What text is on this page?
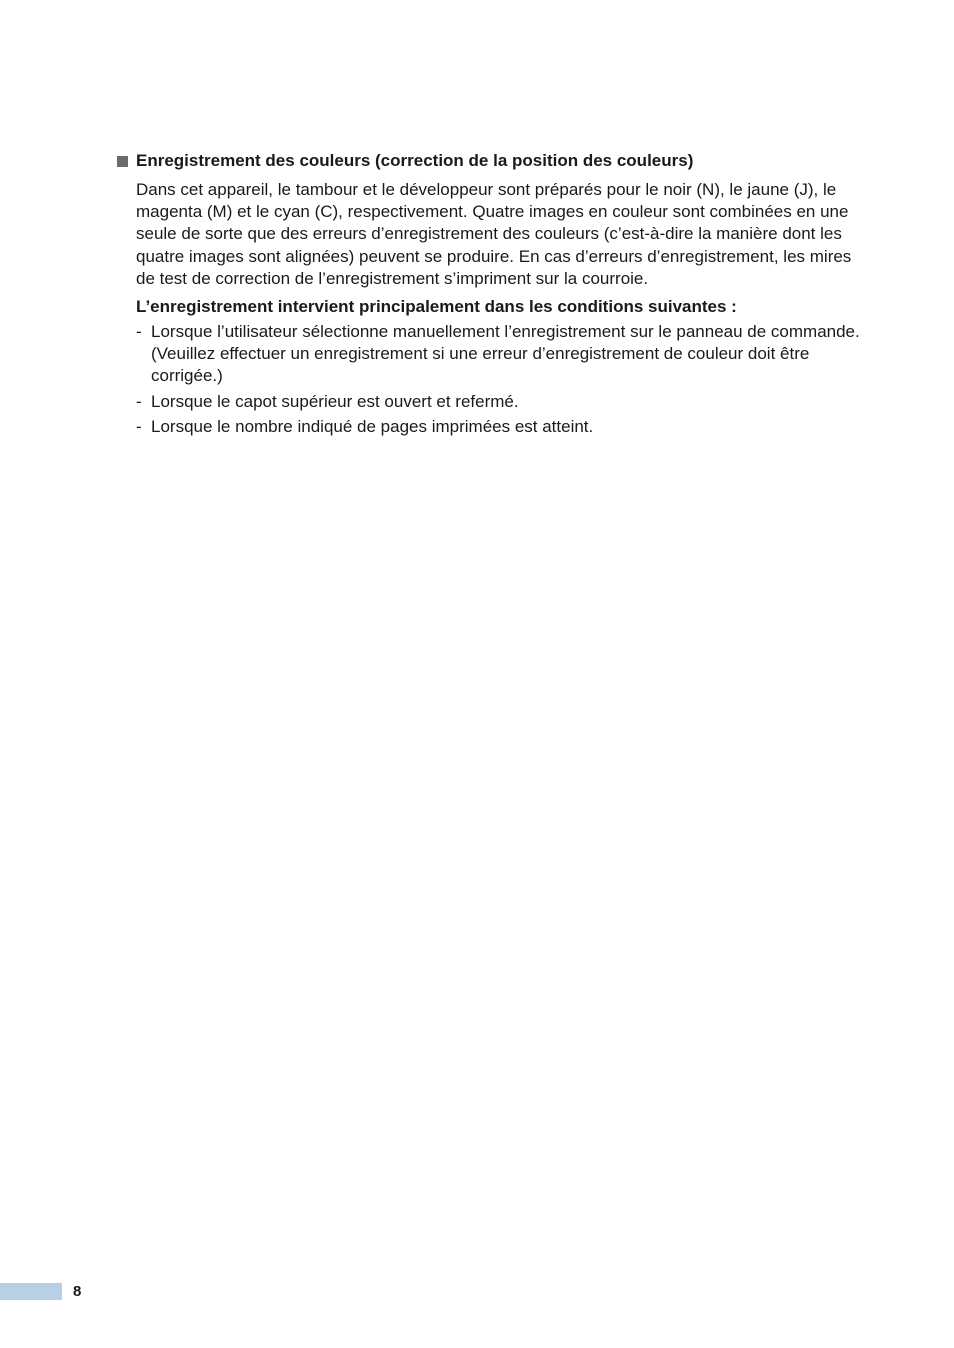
Enregistrement des couleurs (correction de la position des couleurs)

Dans cet appareil, le tambour et le développeur sont préparés pour le noir (N), le jaune (J), le magenta (M) et le cyan (C), respectivement. Quatre images en couleur sont combinées en une seule de sorte que des erreurs d’enregistrement des couleurs (c’est-à-dire la manière dont les quatre images sont alignées) peuvent se produire. En cas d’erreurs d’enregistrement, les mires de test de correction de l’enregistrement s’impriment sur la courroie.

L’enregistrement intervient principalement dans les conditions suivantes :

- Lorsque l’utilisateur sélectionne manuellement l’enregistrement sur le panneau de commande.
(Veuillez effectuer un enregistrement si une erreur d’enregistrement de couleur doit être corrigée.)
- Lorsque le capot supérieur est ouvert et refermé.
- Lorsque le nombre indiqué de pages imprimées est atteint.
8
